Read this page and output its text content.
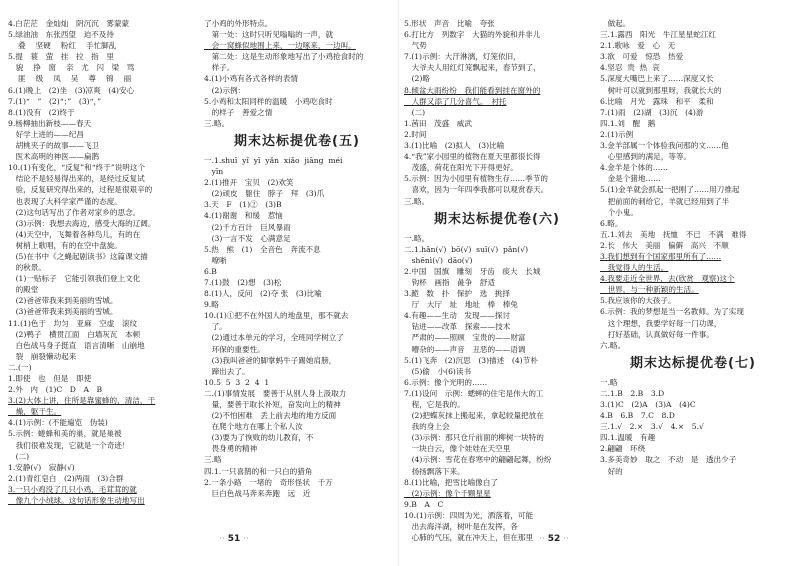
4.白茫茫　金灿灿　阴沉沉　雾蒙蒙
5.绿油油　东张西望　迫不及待
　 叠　 坚硬　 粉红　 手忙脚乱
5.提　蓑　萤　挂　拉　指　里　
　貌　 挣　窗　 亲　尤　闪　梁　骂
　 匪　 级　 凤　 吴　 尊　 锦　 丽
6.(1)晚上　(2)坐　(3)凉爽　(4)安心
7.(1)“　”　(2)“；”　(3)“，”
8.(1)没有　(2)终于
9.杨柳抽出新枝——春天
　好学上进的——纪昌
　胡桃夹子的故事——飞卫
　医术高明的神医——扁鹊
10.(1)有变化，“反复”和“终于”说明这个
　结论不是轻易得出来的，是经过反复试
　验，反复研究得出来的，过程是很艰辛的
　也表现了大科学家严谨的态度。
　(2)这句话写出了作者对家乡的思念。
　(3)示例：我想去海边，感受大海的辽阔。
　(4)天空中，飞舞着各种鸟儿，有的在
　树梢上歌唱，有的在空中盘旋。
　(5)在书中《之蝇起剧读书》这篇课文描
　的秋景。
　(1)一贴标子　它能引领我们登上文化
　的殿堂
　(2)爸爸带我来到美丽的雪城。
　(3)爸爸带我来到美丽的雪城。
11.(1)色于　均匀　亚麻　空虚　滚纹
　(2)鸭子　横贯江面　白墙灰瓦　本顿
　白色战马身子挺直　语言清晰　山崩地
　裂　崩裂懒动起来
二.(一)
1.即使　也　但是　即使
2.外　内　(1)C　D　A　B
3.(2)大体上讲，住所是靠蜜蜂的，清洁，干
　燥，躯干生。
4.(1)示例：(不能遍览　伪装)
5.示例：蜷蜂和美的巢，就是巢被
　我们很难发现，它就是一个奇迹！
　(二)
1.安静(√)　寂静(√)
2.(1)青红皂白　(2)两雨　(3)合群
3.一只小鸡没了几只小鸡，毛茸茸的就
　像九个小绒球。这句话形象生动地写出
了小鸡的外形特点。
　第一处：这时只听见嗡嗡的一声，就
　会一窝蜂似地围上来，一边啄来，一边叫。
　第二处：这是生动形象地写出了小鸡抢食时的
　样子。
4.(1)小鸡有各式各样的表情
　(2)示例：
5.小鸡和太阳同样的温暖　小鸡吃食时
　的样子　善爱之情
三.略。
期末达标提优卷(五)
一.1.shuǐ  yǐ  yǐ  yǎn  xiǎo  jiāng  méi
　yīn
2.(1)推开　宝贝　(2)欢笑
　(2)顽皮　躯住　脖子　拜　(3)爪
3.天　F　(1)②　(3)B
4.(1)谢谢　和缓　惹恼
　(2)千方百计　巨风暴雨
　(3)一言不发　心满意足
5.热　熊　(1)　全音色　奔流不息
　嘹哳
6.B
7.(1)鼓　(2)想　(3)松
8.(1)人，反问　(2)夺 张　(3)比喻
9.略
10.(1)①把不在外国人的地盘里，那不就去
　了。
　(2)通过本单元的学习，全班同学树立了
　环保的重要性。
　(3)我叫爸爸的脚掌蚂牛子踢她肩膀，
　蹄出去了。
10.5  5  3  2  4  1
二.(1)事情发展　要善于从别人身上汲取力
　量，要善于取长补短，奋发向上的精神
　(2)不怕困难　丢上前去地的地方反面
　在爬个地方在哪上个私人汝
　(3)要为了恢败的幼儿教育，不
　畏身勇的精神
三.略
四.1.一只喜鹊的和一只白的猎角
2.一条小路　一堵的　奇形怪状　千万
　巨白色战马奔来奔跑　远　近
·· 51 ··
5.形状　声音　比喻　夸张
6.打比方　列数字　大猫的外貌和并非儿
　气势
7.(1)示例：大汗淋漓，灯笼依旧，
　大爷夫人用红灯笼飘起来，春节到了，
　(2)略
8.倾盆大雨纷纷　我们能看到挂在窗外的
　人群又添了几分喜气。　衬托
　(二)
1.茜田　茂盛　威武
2.时间
3.(1)比喻　(2)拟人　(3)比喻
4.“我”家小园里的植物在夏天里都很长得
　茂盛，荷花在阳光下开得更好。
5.示例：因为小园里有植物生存……季节的
　喜欢，因为一年四季我都可以观赏春天。
三.略。
期末达标提优卷(六)
一.略。
二.1.hǎn(√)  bō(√)  suǐ(√)  pǎn(√)
　shēnì(√)  dāo(√)
2.中国　国旗　雕刻　牙齿　痰大　长城
　钩杯　画指　彘争　舒适
3.跪　数　扑　保护　选　挑择
　厅　大厅　址　地址　棒　棒兔
4.有趣——生动　发现——探讨
　钻进——改革　探索——技术
　严肃的——照顾　宝贵的——财富
　嘈杂的——声音　丑恶的——语调
5.(1)飞奔　(2)沉思　(3)描述　(4)节朴
　(5)偷　小(6)读书
6.示例：像个光明的……
7.(1)设问　示例：蟋蟀的住宅是伟大的工
　程，它是我的。
　(2)把蝶灰抹上搬起来，拿起较量把放在
　我的身上会
　(3)示例：那只仓斤前面的柳树一块特的
　一块白云，像个娃娃在天空里
　(4)示例：雪花在春寒中的翩翩起舞，纷纷
　扬扬飘落下来。
8.(1)比喻，把雪比喻像白了
　(2)示例：像个千颗星星
9.B　A　C
10.(1)示例：四周为光，洒落着，可能
　出去海洋湖，树叶是在发挥，各
　心肺的气压，就在冲天上，但在那里
　做起。
三.1.露西　阳光　牛江星星蛇江红
2.1.歌咏　爱　心　无
3.欲　可爱　惊恐　热爱
4.坚忍  贵  热  哀
5.深度大嘴巴上来了……深度又长
　树叶可以就到那里呀，我就长大的
6.比喻　月光　露珠　和平　柔和
7.(1)雨　(2)湖　(3)沉　(4)游
四.1.刘　醒　鹅
2.(1)示例
3.金羊部属一个体验我问那的文……他
　心里感到的满足，等等。
4.金羊是个体的……
　金是个猪地……
5.(1)金羊就会抓起一把刚了……用刀推起
　把前面的刺给它，羊就已经用到了半
　个小鬼。
6.略。
五.1.刘去　美地　抚恤　不已　不满　难得
2.长　伟大　美丽　偏僻　高兴　不顺
3.我们想到有个国家那里所有了……
　我觉得人的生活。
4.我要走近全世界，去(欣赏　观察)这个
　世界，与一种新颖的生活。
5.我应该你的大孩子。
6.示例：我的梦想是当一名教师。为了实现
　这个理想，我要学好每一门功课，
　打好基础，认真做好每一件事。
六.略。
期末达标提优卷(七)
一.略
二.1.B　2.B　3.D
3.(1)C　(2)A　(3)A　(4)C
4.B　6.B　7.C　8.D
三.1.√　2.×　3.√　4.×　5.√
四.1.温暖　有趣
2.翩翩　环绕
3.多美奇妙　取之　不动　是　透出少子
　好的
·· 52 ··
